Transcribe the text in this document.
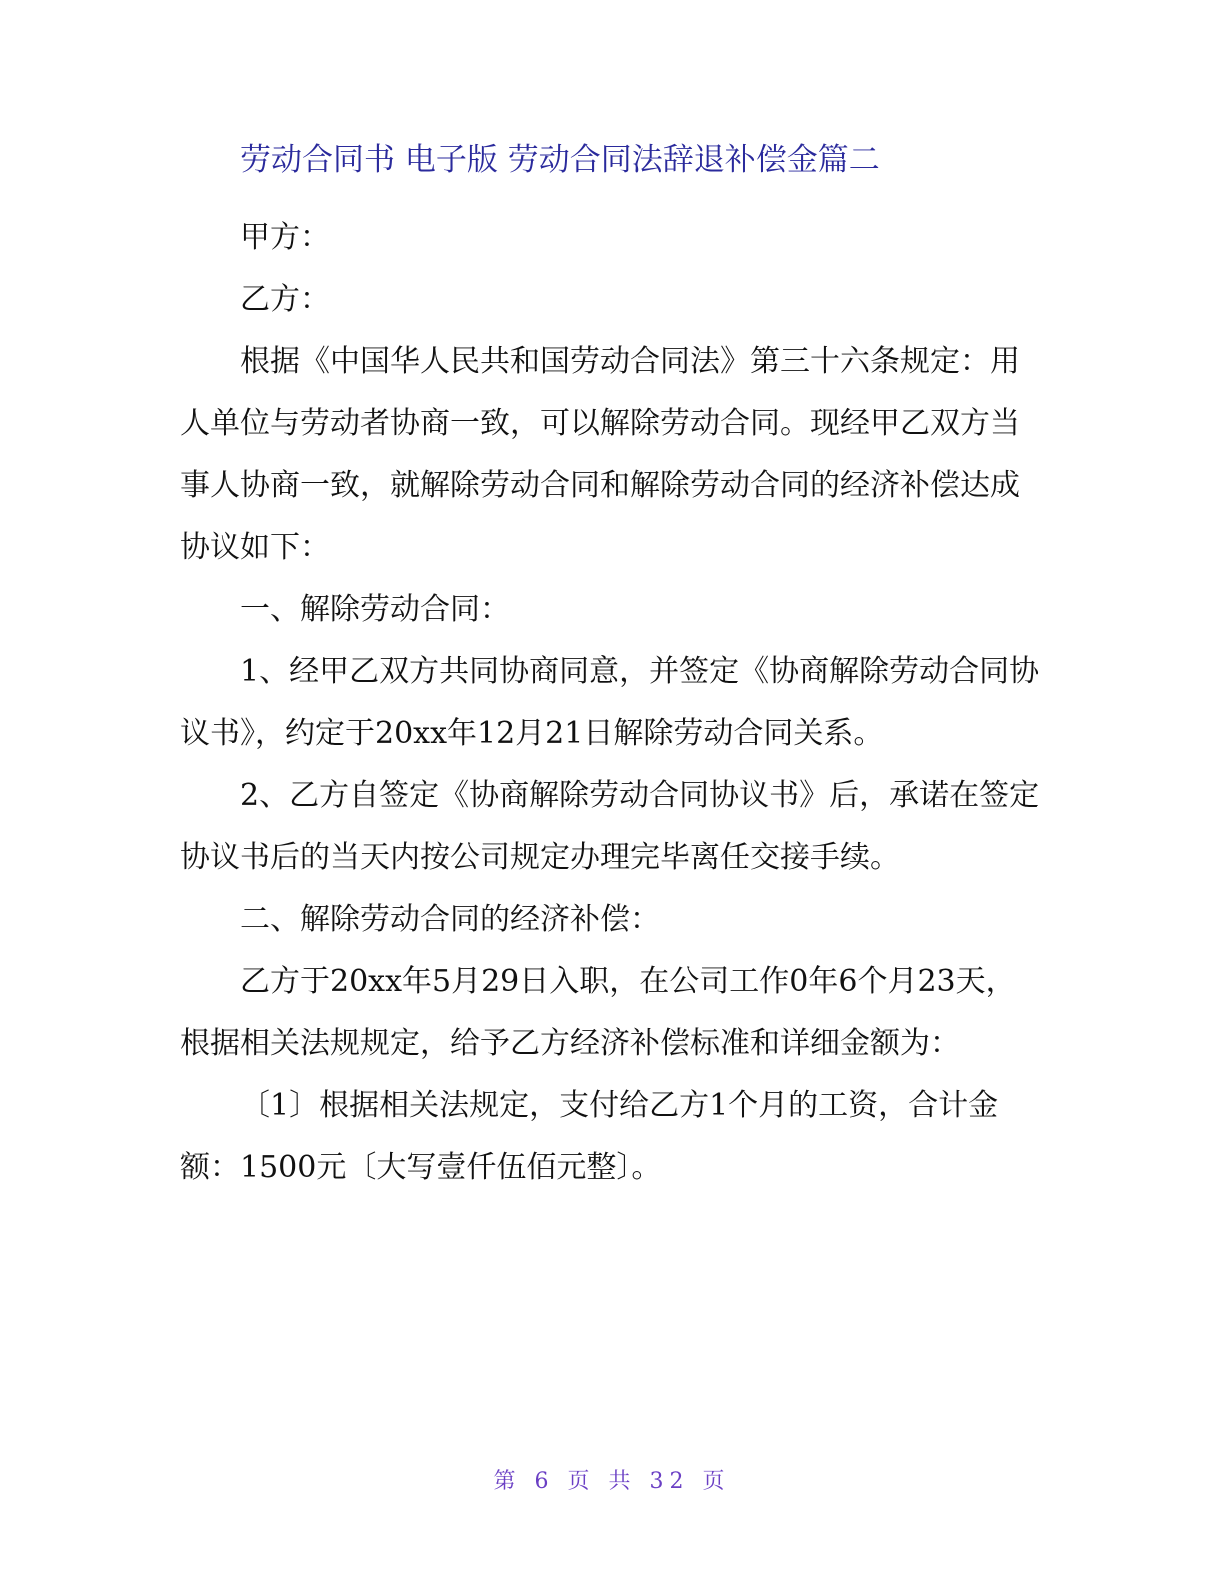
劳动合同书 电子版 劳动合同法辞退补偿金篇二

甲方：

乙方：

根据《中国华人民共和国劳动合同法》第三十六条规定：用人单位与劳动者协商一致，可以解除劳动合同。现经甲乙双方当事人协商一致，就解除劳动合同和解除劳动合同的经济补偿达成协议如下：

一、解除劳动合同：

1、经甲乙双方共同协商同意，并签定《协商解除劳动合同协议书》，约定于20xx年12月21日解除劳动合同关系。

2、乙方自签定《协商解除劳动合同协议书》后，承诺在签定协议书后的当天内按公司规定办理完毕离任交接手续。

二、解除劳动合同的经济补偿：

乙方于20xx年5月29日入职，在公司工作0年6个月23天，根据相关法规规定，给予乙方经济补偿标准和详细金额为：

〔1〕根据相关法规定，支付给乙方1个月的工资，合计金额：1500元〔大写壹仟伍佰元整〕。

第 6 页 共 32 页
